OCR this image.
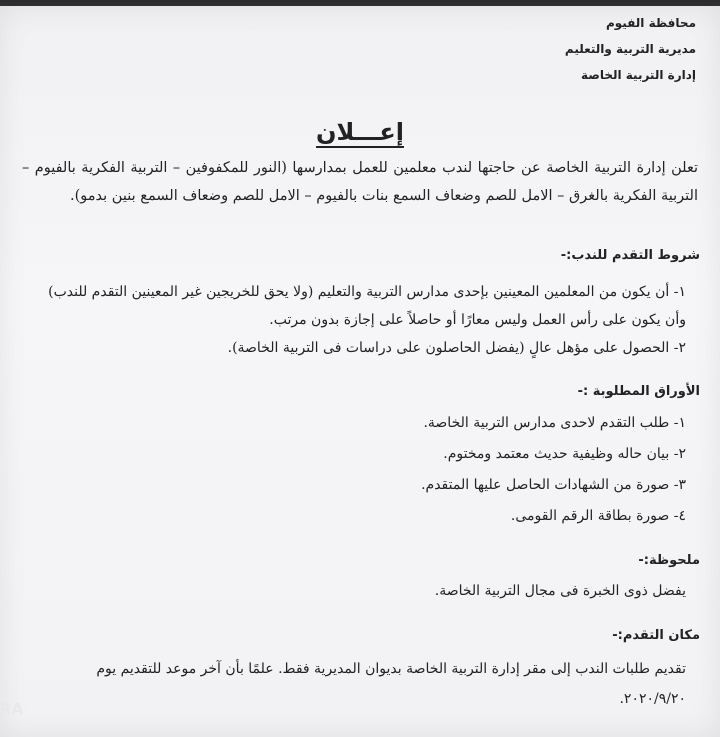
محافظة الفيوم
مديرية التربية والتعليم
إدارة التربية الخاصة
إعـــلان
تعلن إدارة التربية الخاصة عن حاجتها لندب معلمين للعمل بمدارسها (النور للمكفوفين – التربية الفكرية بالفيوم – التربية الفكرية بالغرق – الامل للصم وضعاف السمع بنات بالفيوم – الامل للصم وضعاف السمع بنين بدمو).
شروط التقدم للندب:-

١- أن يكون من المعلمين المعينين بإحدى مدارس التربية والتعليم (ولا يحق للخريجين غير المعينين التقدم للندب) وأن يكون على رأس العمل وليس معارًا أو حاصلاً على إجازة بدون مرتب.

٢- الحصول على مؤهل عالٍ (يفضل الحاصلون على دراسات فى التربية الخاصة).

الأوراق المطلوبة :-

١- طلب التقدم لاحدى مدارس التربية الخاصة.

٢- بيان حاله وظيفية حديث معتمد ومختوم.

٣- صورة من الشهادات الحاصل عليها المتقدم.

٤- صورة بطاقة الرقم القومى.

ملحوظة:-
يفضل ذوى الخبرة فى مجال التربية الخاصة.
مكان التقدم:-
تقديم طلبات الندب إلى مقر إدارة التربية الخاصة بديوان المديرية فقط. علمًا بأن آخر موعد للتقديم يوم
٢٠٢٠/٩/٢٠.
RA
